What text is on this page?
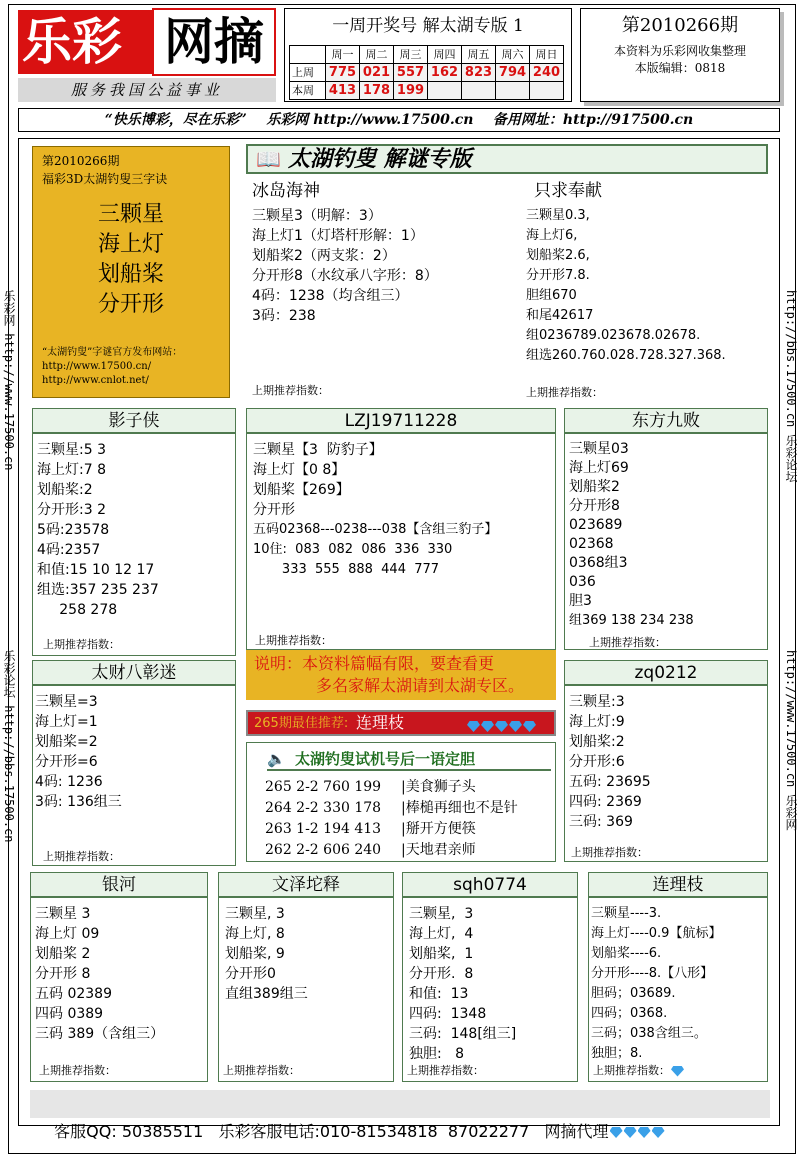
乐彩 网摘
服务我国公益事业
一周开奖号 解太湖专版 1
	周一	周二	周三	周四	周五	周六	周日
上周	775	021	557	162	823	794	240
本周	413	178	199				
第2010266期
本资料为乐彩网收集整理
本版编辑：0818
“快乐博彩，尽在乐彩”    乐彩网 http://www.17500.cn    备用网址：http://917500.cn
乐彩网 http://www.17500.cn
乐彩论坛 http://bbs.17500.cn
http://bbs.17500.cn 乐彩论坛
http://www.17500.cn 乐彩网
第2010266期
福彩3D太湖钓叟三字诀
三颗星
海上灯
划船桨
分开形
“太湖钓叟”字谜官方发布网站：
http://www.17500.cn/
http://www.cnlot.net/
📖 太湖钓叟 解谜专版
冰岛海神
三颗星3（明解：3）
海上灯1（灯塔杆形解：1）
划船桨2（两支浆：2）
分开形8（水纹承八字形：8）
4码：1238（均含组三）
3码：238
上期推荐指数：
只求奉献
三颗星0.3,
海上灯6,
划船桨2.6,
分开形7.8.
胆组670
和尾42617
组0236789.023678.02678.
组选260.760.028.728.327.368.
上期推荐指数：
影子侠
三颗星:5 3
海上灯:7 8
划船桨:2
分开形:3 2
5码:23578
4码:2357
和值:15 10 12 17
组选:357 235 237
258 278
上期推荐指数：
LZJ19711228
三颗星【3  防豹子】
海上灯【0 8】
划船桨【269】
分开形
五码02368---0238---038【含组三豹子】
10住:  083  082  086  336  330
333  555  888  444  777
上期推荐指数：
东方九败
三颗星03
海上灯69
划船桨2
分开形8
023689
02368
0368组3
036
胆3
组369 138 234 238
上期推荐指数：
太财八彰迷
三颗星=3
海上灯=1
划船桨=2
分开形=6
4码: 1236
3码: 136组三
上期推荐指数：
说明：本资料篇幅有限，要查看更
多名家解太湖请到太湖专区。
265期最佳推荐: 连理枝
🔈 太湖钓叟试机号后一语定胆
265 2-2 760 199 |美食狮子头
264 2-2 330 178 |棒槌再细也不是针
263 1-2 194 413 |掰开方便筷
262 2-2 606 240 |天地君亲师
zq0212
三颗星:3
海上灯:9
划船桨:2
分开形:6
五码: 23695
四码: 2369
三码: 369
上期推荐指数：
银河
三颗星 3
海上灯 09
划船桨 2
分开形 8
五码 02389
四码 0389
三码 389（含组三）
上期推荐指数：
文泽坨释
三颗星, 3
海上灯, 8
划船桨, 9
分开形0
直组389组三
上期推荐指数：
sqh0774
三颗星,  3
海上灯,  4
划船桨,  1
分开形.  8
和值:  13
四码:  1348
三码:  148[组三]
独胆:   8
上期推荐指数：
连理枝
三颗星----3.
海上灯----0.9【航标】
划船桨----6.
分开形----8.【八形】
胆码；03689.
四码；0368.
三码；038含组三。
独胆；8.
上期推荐指数：

客服QQ: 50385511   乐彩客服电话:010-81534818  87022277   网摘代理
